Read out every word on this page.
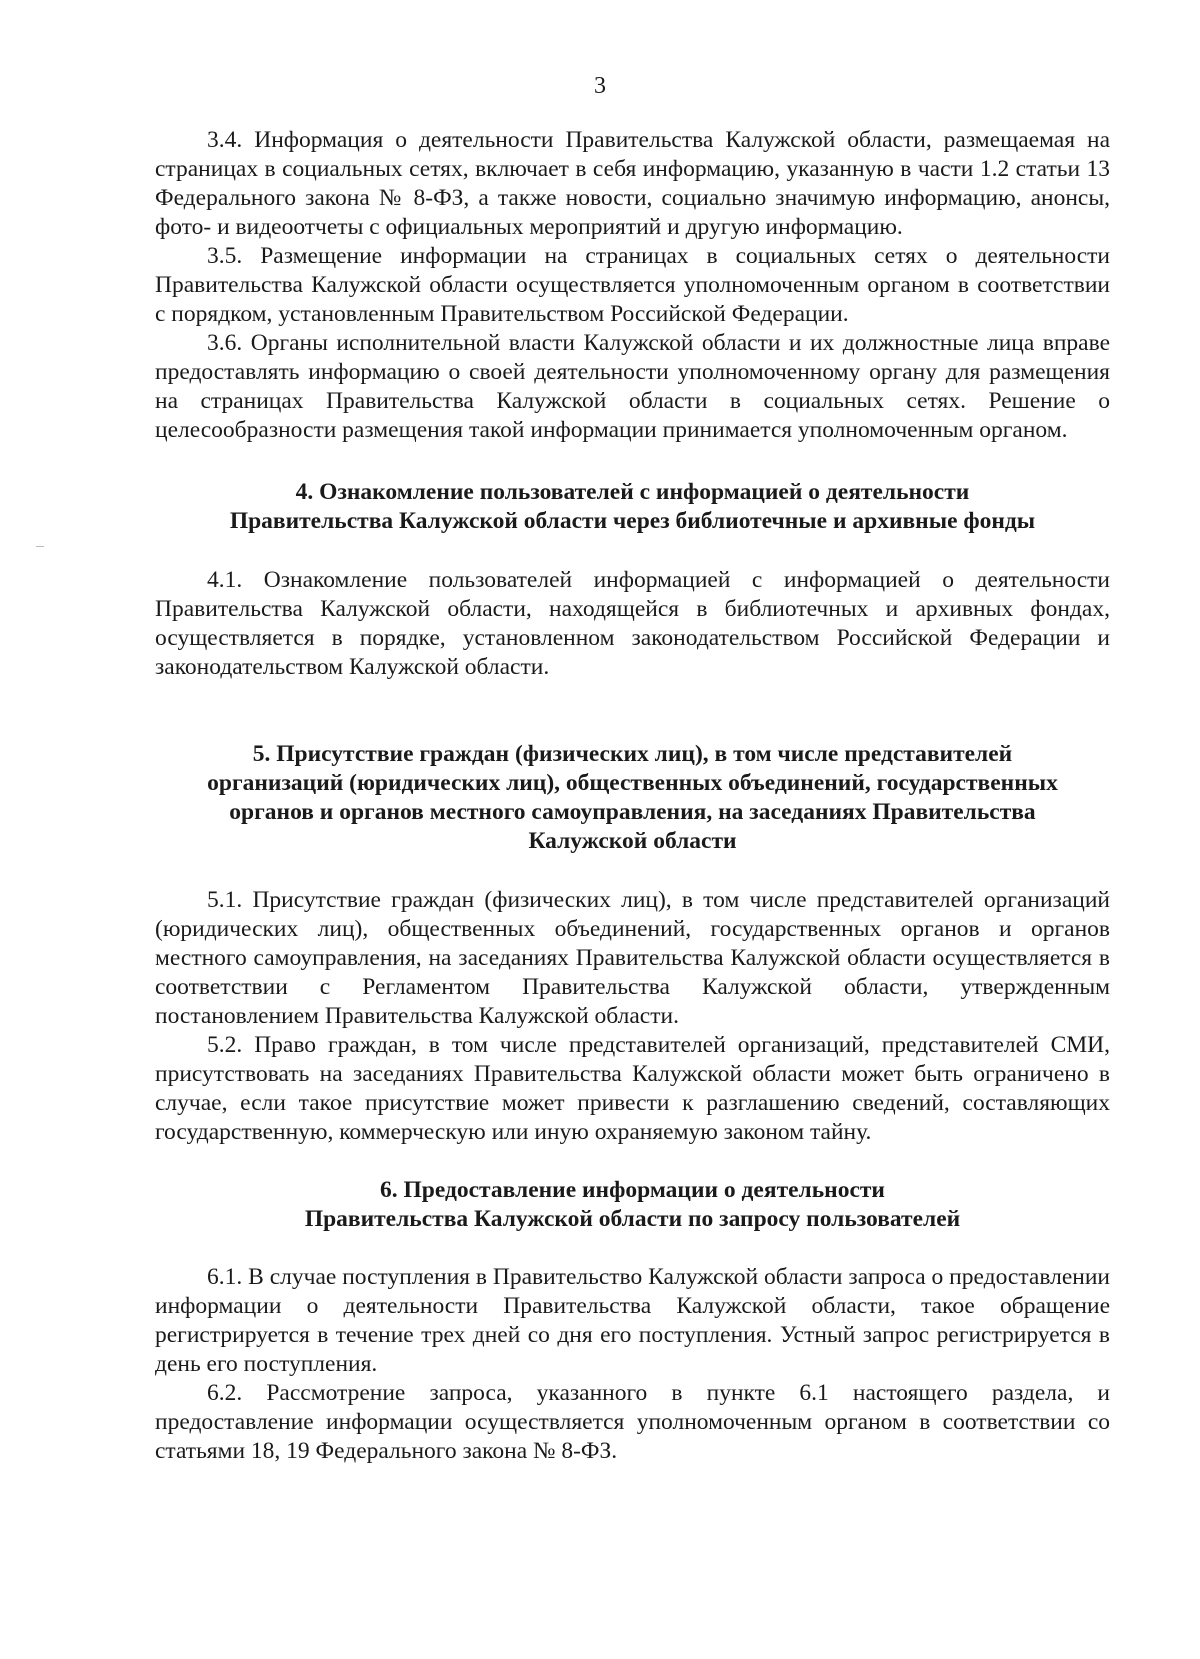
3

3.4. Информация о деятельности Правительства Калужской области, размещаемая на страницах в социальных сетях, включает в себя информацию, указанную в части 1.2 статьи 13 Федерального закона № 8-ФЗ, а также новости, социально значимую информацию, анонсы, фото- и видеоотчеты с официальных мероприятий и другую информацию.

3.5. Размещение информации на страницах в социальных сетях о деятельности Правительства Калужской области осуществляется уполномоченным органом в соответствии с порядком, установленным Правительством Российской Федерации.

3.6. Органы исполнительной власти Калужской области и их должностные лица вправе предоставлять информацию о своей деятельности уполномоченному органу для размещения на страницах Правительства Калужской области в социальных сетях. Решение о целесообразности размещения такой информации принимается уполномоченным органом.

4. Ознакомление пользователей с информацией о деятельности
Правительства Калужской области через библиотечные и архивные фонды

4.1. Ознакомление пользователей информацией с информацией о деятельности Правительства Калужской области, находящейся в библиотечных и архивных фондах, осуществляется в порядке, установленном законодательством Российской Федерации и законодательством Калужской области.

5. Присутствие граждан (физических лиц), в том числе представителей
организаций (юридических лиц), общественных объединений, государственных
органов и органов местного самоуправления, на заседаниях Правительства
Калужской области

5.1. Присутствие граждан (физических лиц), в том числе представителей организаций (юридических лиц), общественных объединений, государственных органов и органов местного самоуправления, на заседаниях Правительства Калужской области осуществляется в соответствии с Регламентом Правительства Калужской области, утвержденным постановлением Правительства Калужской области.

5.2. Право граждан, в том числе представителей организаций, представителей СМИ, присутствовать на заседаниях Правительства Калужской области может быть ограничено в случае, если такое присутствие может привести к разглашению сведений, составляющих государственную, коммерческую или иную охраняемую законом тайну.

6. Предоставление информации о деятельности
Правительства Калужской области по запросу пользователей

6.1. В случае поступления в Правительство Калужской области запроса о предоставлении информации о деятельности Правительства Калужской области, такое обращение регистрируется в течение трех дней со дня его поступления. Устный запрос регистрируется в день его поступления.

6.2. Рассмотрение запроса, указанного в пункте 6.1 настоящего раздела, и предоставление информации осуществляется уполномоченным органом в соответствии со статьями 18, 19 Федерального закона № 8-ФЗ.
